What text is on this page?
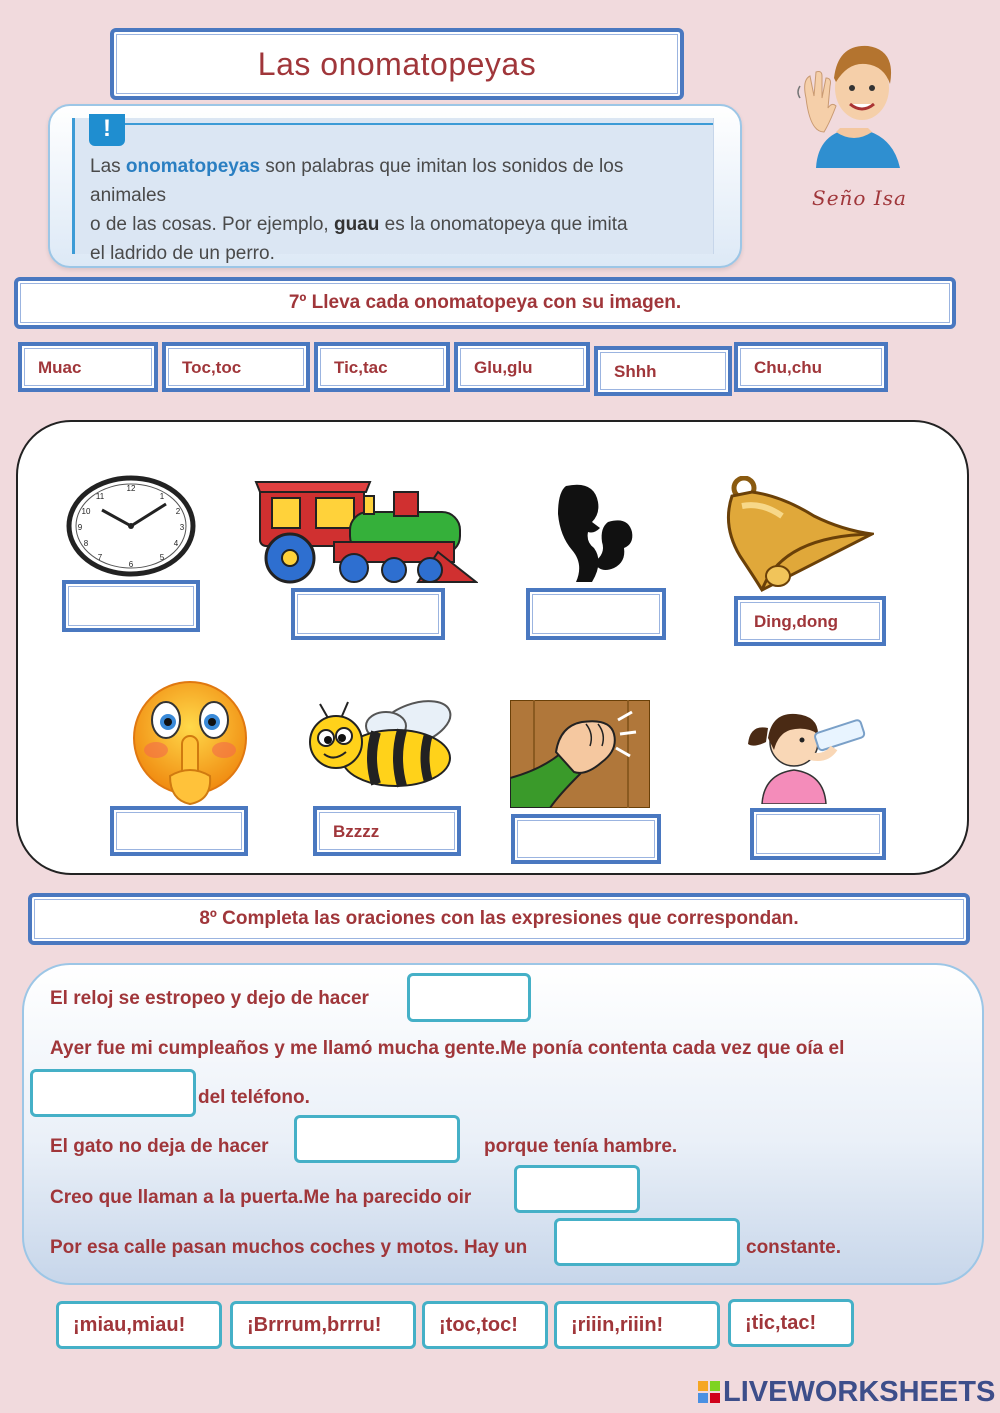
Las onomatopeyas
!
Las onomatopeyas son palabras que imitan los sonidos de los animales
o de las cosas. Por ejemplo, guau es la onomatopeya que imita
el ladrido de un perro.
Seño Isa
7º Lleva cada onomatopeya con su imagen.
Muac	Toc,toc	Tic,tac	Glu,glu	Shhh	Chu,chu
12
1
2
3
4
5
6
7
8
9
10
11
Ding,dong
Bzzzz
8º Completa las oraciones con las expresiones que correspondan.
El reloj se estropeo y dejo de hacer
Ayer fue mi cumpleaños y me llamó mucha gente.Me ponía contenta cada vez que oía el
del teléfono.
El gato no deja de hacer	porque tenía hambre.
Creo que llaman a la puerta.Me ha parecido oir
Por esa calle pasan muchos coches y motos. Hay un	constante.
¡miau,miau!	¡Brrrum,brrru!	¡toc,toc!	¡riiin,riiin!	¡tic,tac!
LIVEWORKSHEETS
